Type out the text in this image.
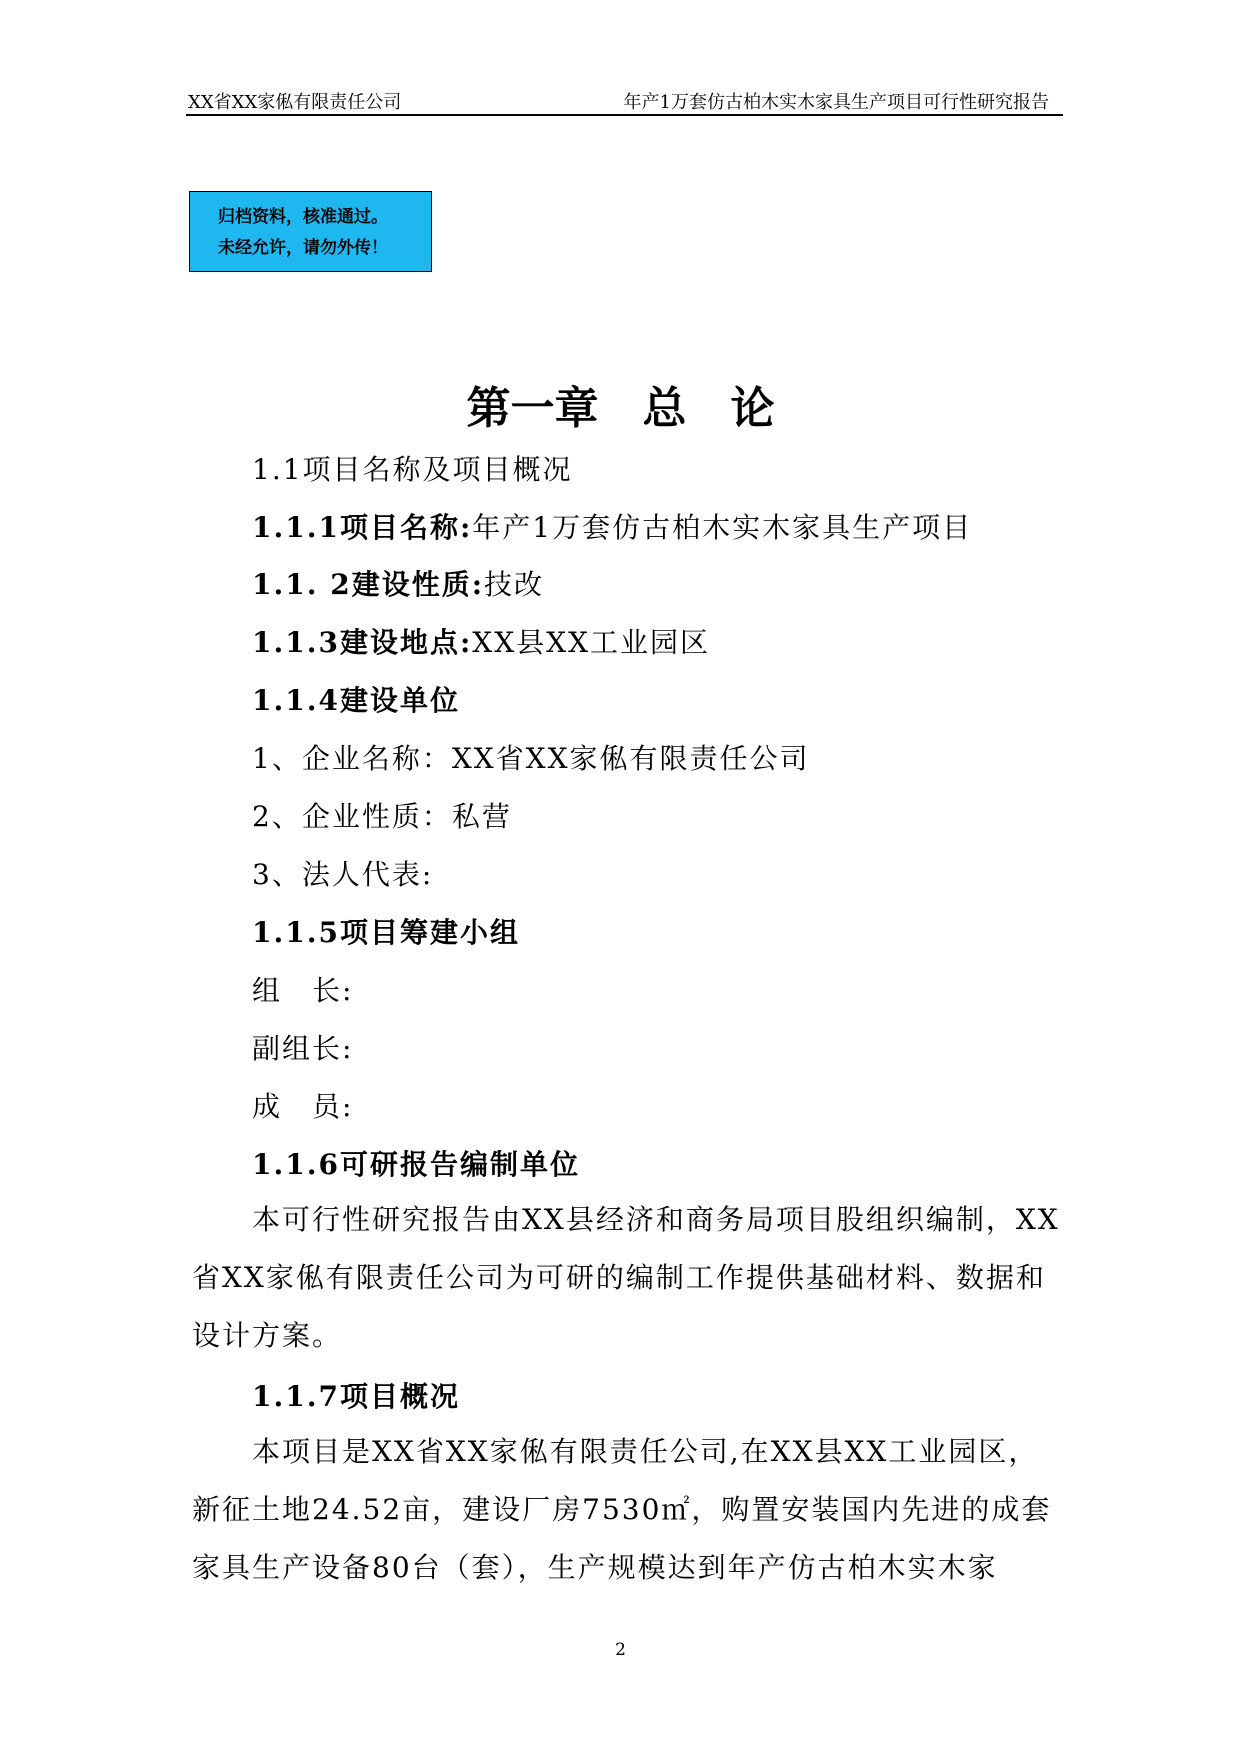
XX省XX家俬有限责任公司	年产1万套仿古柏木实木家具生产项目可行性研究报告
归档资料，核准通过。
未经允许，请勿外传！
第一章　总　论
1.1项目名称及项目概况
1.1.1项目名称:年产1万套仿古柏木实木家具生产项目
1.1. 2建设性质:技改
1.1.3建设地点:XX县XX工业园区
1.1.4建设单位
1、企业名称：XX省XX家俬有限责任公司
2、企业性质：私营
3、法人代表:
1.1.5项目筹建小组
组　长:
副组长:
成　员:
1.1.6可研报告编制单位
本可行性研究报告由XX县经济和商务局项目股组织编制，XX省XX家俬有限责任公司为可研的编制工作提供基础材料、数据和设计方案。
1.1.7项目概况
本项目是XX省XX家俬有限责任公司,在XX县XX工业园区，新征土地24.52亩，建设厂房7530㎡，购置安装国内先进的成套家具生产设备80台（套），生产规模达到年产仿古柏木实木家
2
